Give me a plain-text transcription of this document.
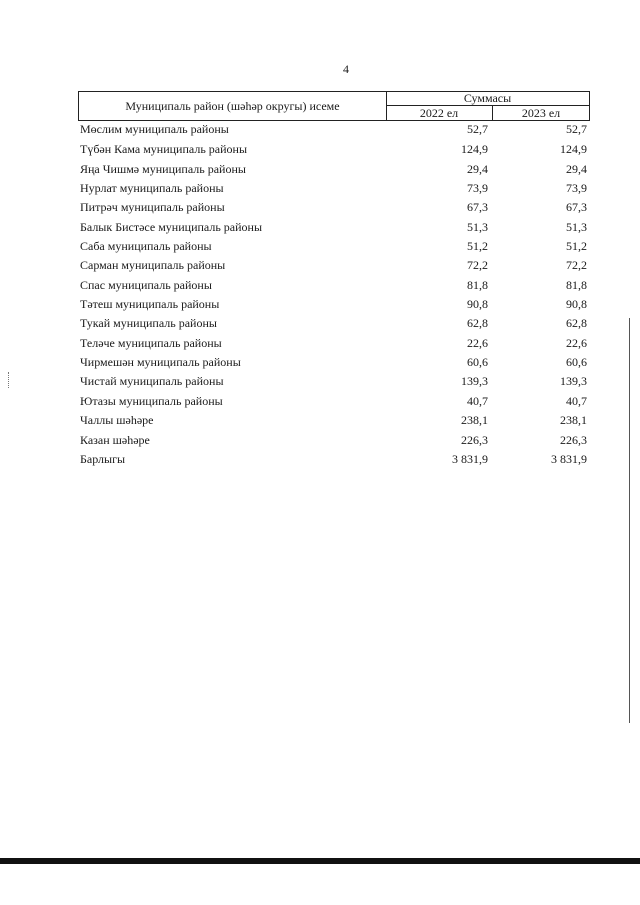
4
Муниципаль район (шәһәр округы) исеме
Суммасы
2022 ел	2023 ел
Мөслим муниципаль районы	52,7	52,7
Түбән Кама муниципаль районы	124,9	124,9
Яңа Чишмә муниципаль районы	29,4	29,4
Нурлат муниципаль районы	73,9	73,9
Питрәч муниципаль районы	67,3	67,3
Балык Бистәсе муниципаль районы	51,3	51,3
Саба муниципаль районы	51,2	51,2
Сарман муниципаль районы	72,2	72,2
Спас муниципаль районы	81,8	81,8
Тәтеш муниципаль районы	90,8	90,8
Тукай муниципаль районы	62,8	62,8
Теләче муниципаль районы	22,6	22,6
Чирмешән муниципаль районы	60,6	60,6
Чистай муниципаль районы	139,3	139,3
Ютазы муниципаль районы	40,7	40,7
Чаллы шәһәре	238,1	238,1
Казан шәһәре	226,3	226,3
Барлыгы	3 831,9	3 831,9
